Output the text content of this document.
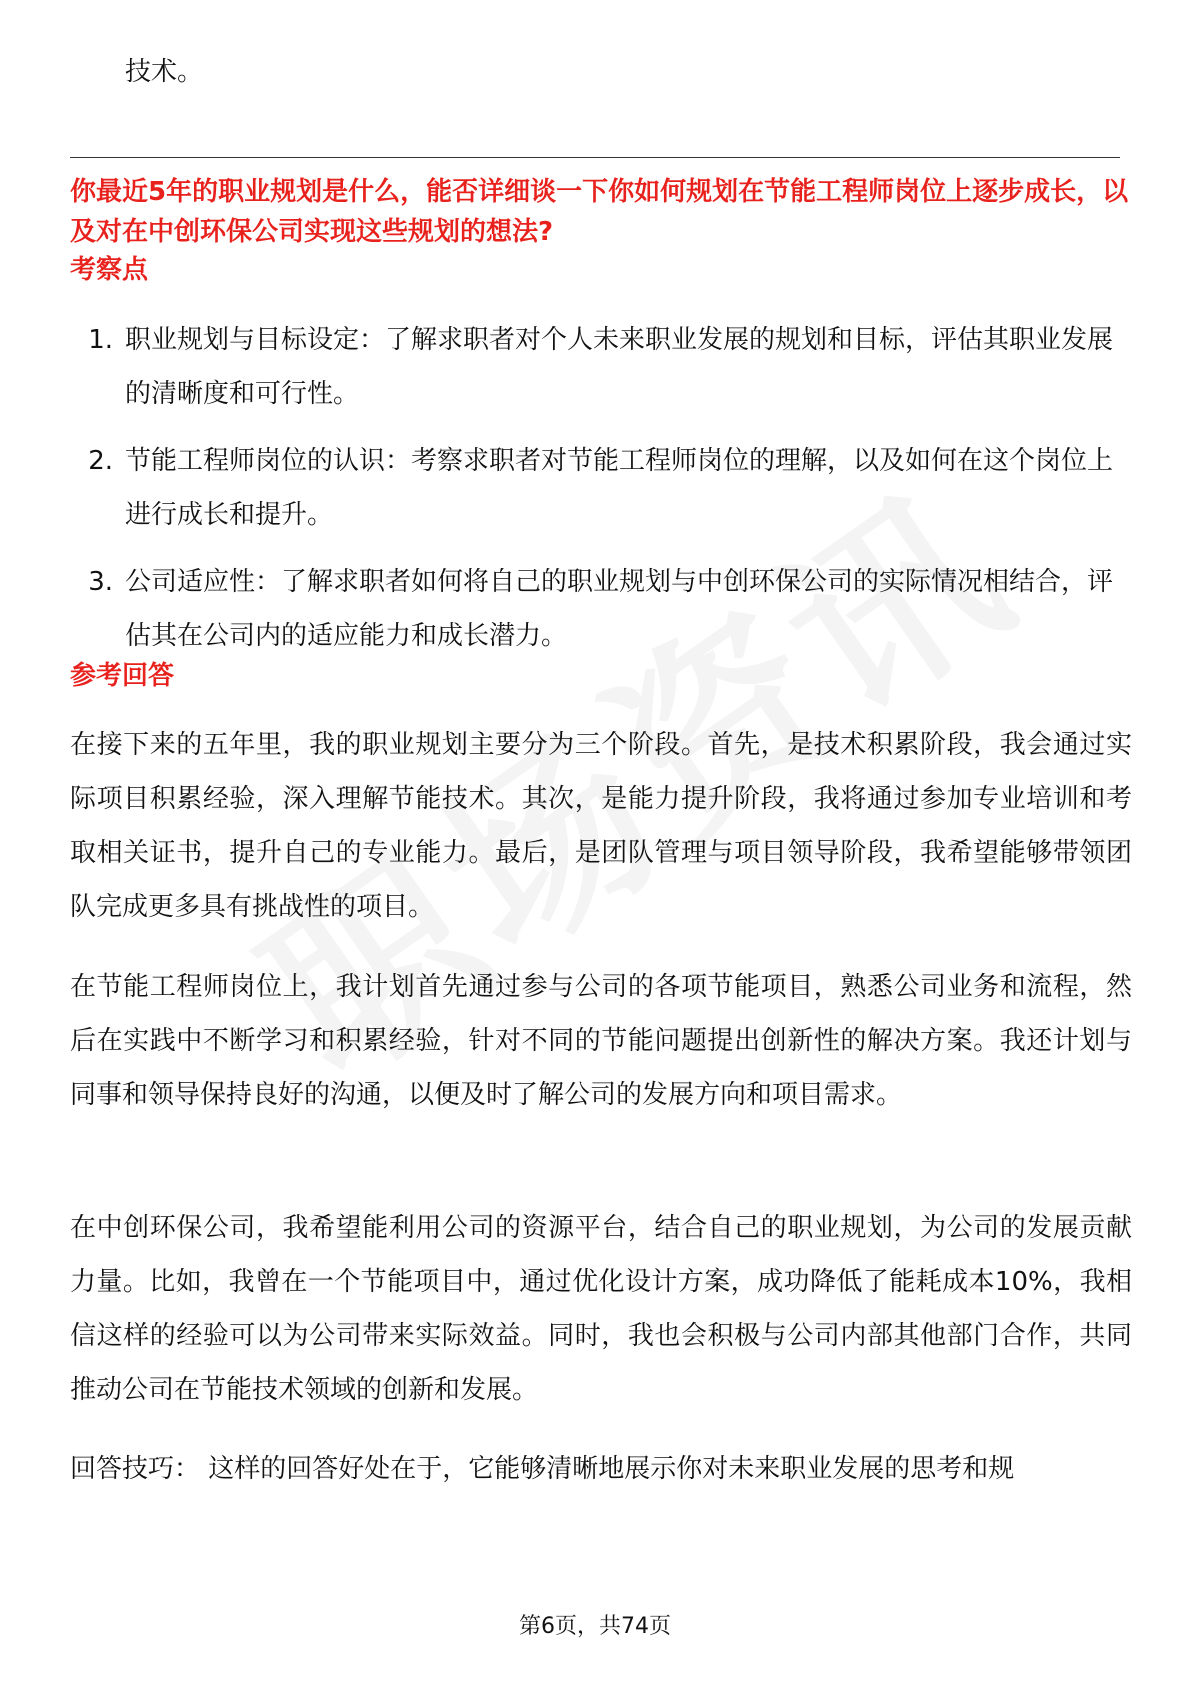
技术。
你最近5年的职业规划是什么，能否详细谈一下你如何规划在节能工程师岗位上逐步成长，以及对在中创环保公司实现这些规划的想法?
考察点
1. 职业规划与目标设定：了解求职者对个人未来职业发展的规划和目标，评估其职业发展的清晰度和可行性。
2. 节能工程师岗位的认识：考察求职者对节能工程师岗位的理解，以及如何在这个岗位上进行成长和提升。
3. 公司适应性：了解求职者如何将自己的职业规划与中创环保公司的实际情况相结合，评估其在公司内的适应能力和成长潜力。
参考回答
在接下来的五年里，我的职业规划主要分为三个阶段。首先，是技术积累阶段，我会通过实际项目积累经验，深入理解节能技术。其次，是能力提升阶段，我将通过参加专业培训和考取相关证书，提升自己的专业能力。最后，是团队管理与项目领导阶段，我希望能够带领团队完成更多具有挑战性的项目。
在节能工程师岗位上，我计划首先通过参与公司的各项节能项目，熟悉公司业务和流程，然后在实践中不断学习和积累经验，针对不同的节能问题提出创新性的解决方案。我还计划与同事和领导保持良好的沟通，以便及时了解公司的发展方向和项目需求。
在中创环保公司，我希望能利用公司的资源平台，结合自己的职业规划，为公司的发展贡献力量。比如，我曾在一个节能项目中，通过优化设计方案，成功降低了能耗成本10%，我相信这样的经验可以为公司带来实际效益。同时，我也会积极与公司内部其他部门合作，共同推动公司在节能技术领域的创新和发展。
回答技巧： 这样的回答好处在于，它能够清晰地展示你对未来职业发展的思考和规
第6页，共74页
